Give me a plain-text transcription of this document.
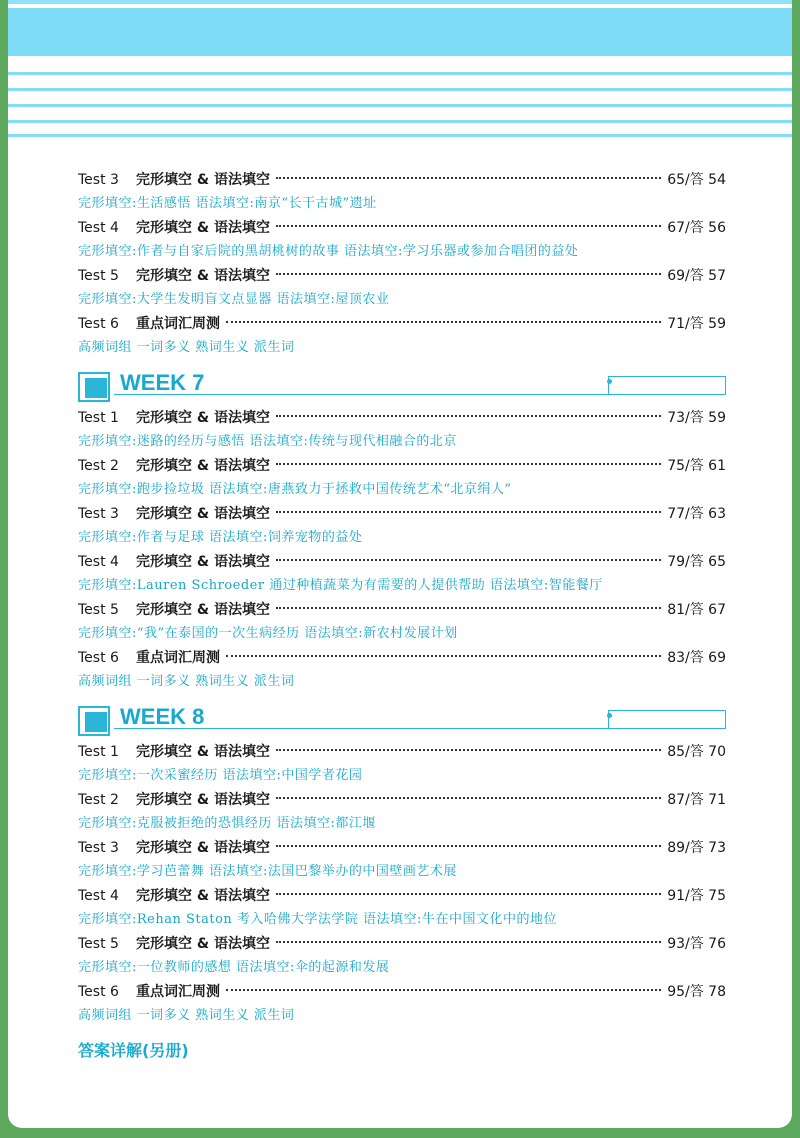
Test 3	完形填空 & 语法填空	65/答 54
完形填空:生活感悟 语法填空:南京“长干古城”遗址
Test 4	完形填空 & 语法填空	67/答 56
完形填空:作者与自家后院的黑胡桃树的故事 语法填空:学习乐器或参加合唱团的益处
Test 5	完形填空 & 语法填空	69/答 57
完形填空:大学生发明盲文点显器 语法填空:屋顶农业
Test 6	重点词汇周测	71/答 59
高频词组 一词多义 熟词生义 派生词
WEEK 7
Test 1	完形填空 & 语法填空	73/答 59
完形填空:迷路的经历与感悟 语法填空:传统与现代相融合的北京
Test 2	完形填空 & 语法填空	75/答 61
完形填空:跑步捡垃圾 语法填空:唐燕致力于拯救中国传统艺术“北京绢人”
Test 3	完形填空 & 语法填空	77/答 63
完形填空:作者与足球 语法填空:饲养宠物的益处
Test 4	完形填空 & 语法填空	79/答 65
完形填空:Lauren Schroeder 通过种植蔬菜为有需要的人提供帮助 语法填空:智能餐厅
Test 5	完形填空 & 语法填空	81/答 67
完形填空:“我”在泰国的一次生病经历 语法填空:新农村发展计划
Test 6	重点词汇周测	83/答 69
高频词组 一词多义 熟词生义 派生词
WEEK 8
Test 1	完形填空 & 语法填空	85/答 70
完形填空:一次采蜜经历 语法填空:中国学者花园
Test 2	完形填空 & 语法填空	87/答 71
完形填空:克服被拒绝的恐惧经历 语法填空:都江堰
Test 3	完形填空 & 语法填空	89/答 73
完形填空:学习芭蕾舞 语法填空:法国巴黎举办的中国壁画艺术展
Test 4	完形填空 & 语法填空	91/答 75
完形填空:Rehan Staton 考入哈佛大学法学院 语法填空:牛在中国文化中的地位
Test 5	完形填空 & 语法填空	93/答 76
完形填空:一位教师的感想 语法填空:伞的起源和发展
Test 6	重点词汇周测	95/答 78
高频词组 一词多义 熟词生义 派生词
答案详解(另册)
